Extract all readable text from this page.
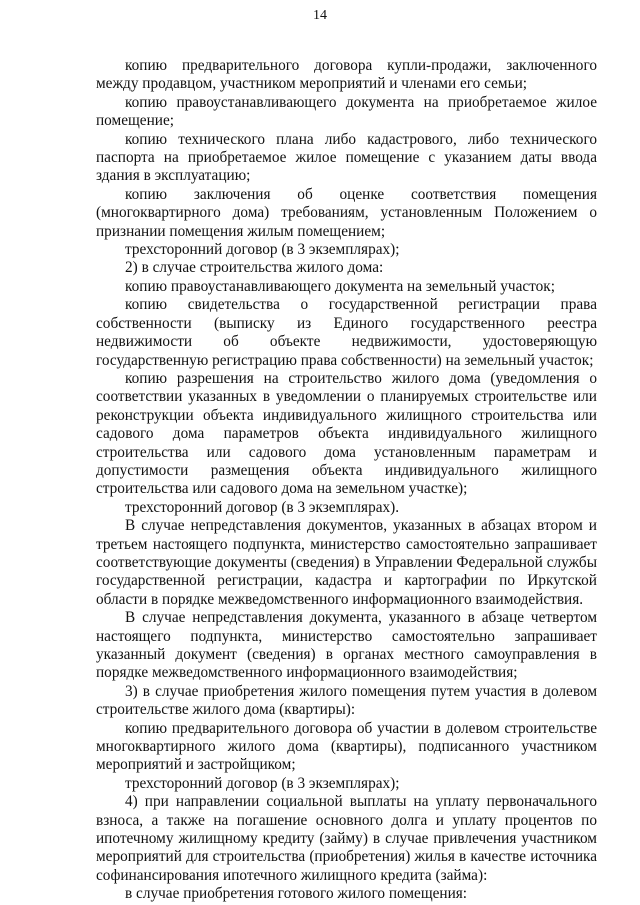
14

копию предварительного договора купли-продажи, заключенного между продавцом, участником мероприятий и членами его семьи;

копию правоустанавливающего документа на приобретаемое жилое помещение;

копию технического плана либо кадастрового, либо технического паспорта на приобретаемое жилое помещение с указанием даты ввода здания в эксплуатацию;

копию заключения об оценке соответствия помещения (многоквартирного дома) требованиям, установленным Положением о признании помещения жилым помещением;

трехсторонний договор (в 3 экземплярах);

2) в случае строительства жилого дома:

копию правоустанавливающего документа на земельный участок;

копию свидетельства о государственной регистрации права собственности (выписку из Единого государственного реестра недвижимости об объекте недвижимости, удостоверяющую государственную регистрацию права собственности) на земельный участок;

копию разрешения на строительство жилого дома (уведомления о соответствии указанных в уведомлении о планируемых строительстве или реконструкции объекта индивидуального жилищного строительства или садового дома параметров объекта индивидуального жилищного строительства или садового дома установленным параметрам и допустимости размещения объекта индивидуального жилищного строительства или садового дома на земельном участке);

трехсторонний договор (в 3 экземплярах).

В случае непредставления документов, указанных в абзацах втором и третьем настоящего подпункта, министерство самостоятельно запрашивает соответствующие документы (сведения) в Управлении Федеральной службы государственной регистрации, кадастра и картографии по Иркутской области в порядке межведомственного информационного взаимодействия.

В случае непредставления документа, указанного в абзаце четвертом настоящего подпункта, министерство самостоятельно запрашивает указанный документ (сведения) в органах местного самоуправления в порядке межведомственного информационного взаимодействия;

3) в случае приобретения жилого помещения путем участия в долевом строительстве жилого дома (квартиры):

копию предварительного договора об участии в долевом строительстве многоквартирного жилого дома (квартиры), подписанного участником мероприятий и застройщиком;

трехсторонний договор (в 3 экземплярах);

4) при направлении социальной выплаты на уплату первоначального взноса, а также на погашение основного долга и уплату процентов по ипотечному жилищному кредиту (займу) в случае привлечения участником мероприятий для строительства (приобретения) жилья в качестве источника софинансирования ипотечного жилищного кредита (займа):

в случае приобретения готового жилого помещения:
